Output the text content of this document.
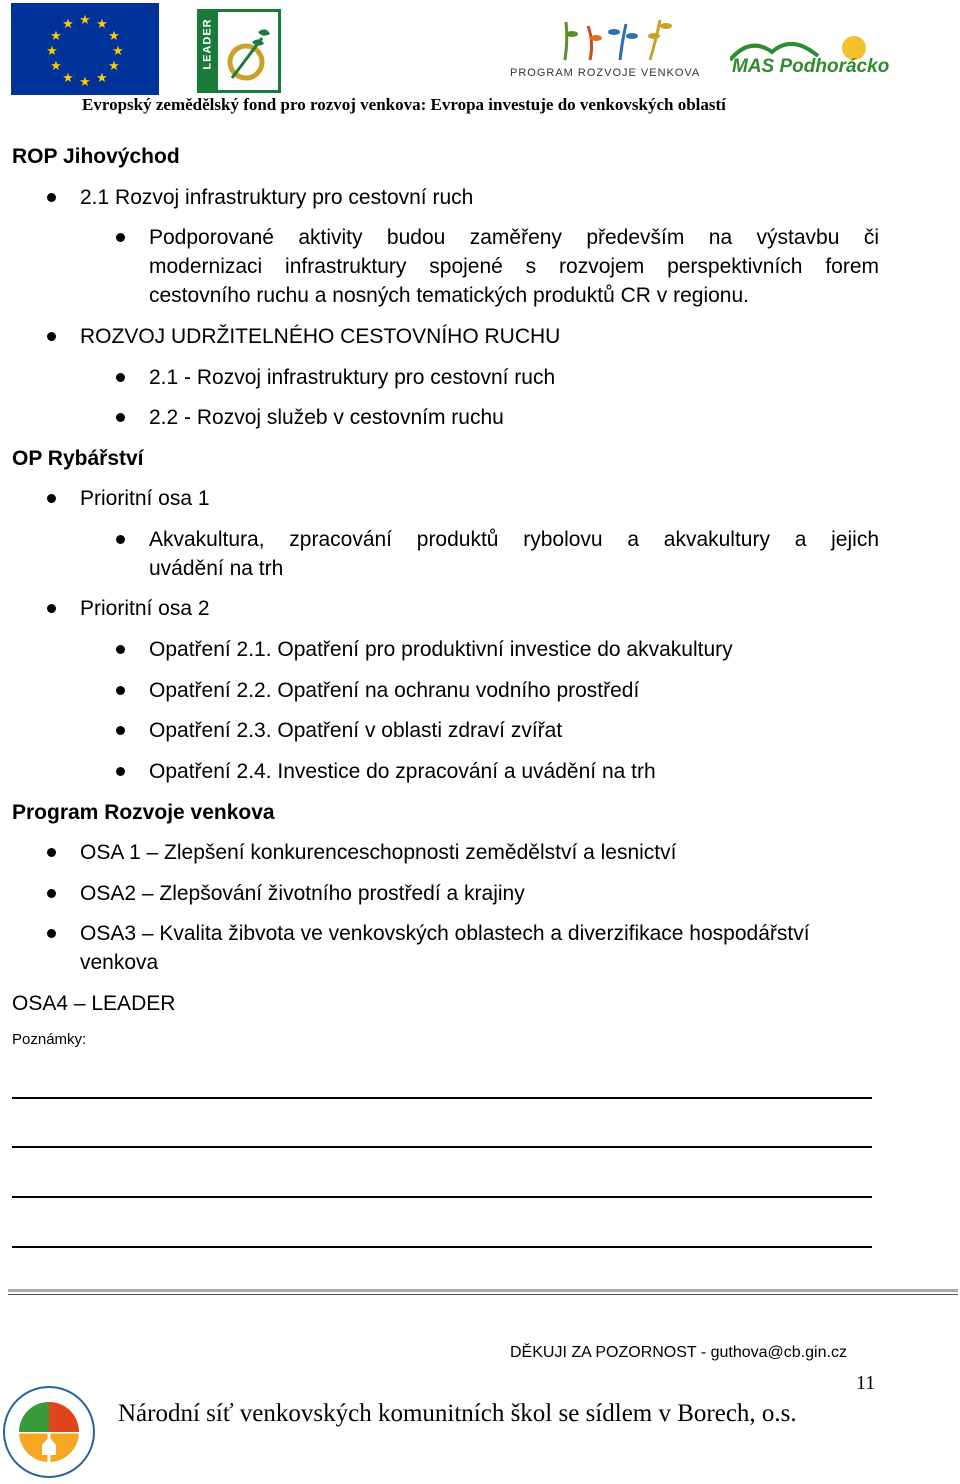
★ ★
★
★
★
★
★
★
★
★
★
★	LEADER
PROGRAM ROZVOJE VENKOVA MAS Podhorácko
Evropský zemědělský fond pro rozvoj venkova: Evropa investuje do venkovských oblastí
ROP Jihovýchod
2.1 Rozvoj infrastruktury pro cestovní ruch
Podporované aktivity budou zaměřeny především na výstavbu či
modernizaci infrastruktury spojené s rozvojem perspektivních forem
cestovního ruchu a nosných tematických produktů CR v regionu.
ROZVOJ UDRŽITELNÉHO CESTOVNÍHO RUCHU
2.1 - Rozvoj infrastruktury pro cestovní ruch
2.2 - Rozvoj služeb v cestovním ruchu
OP Rybářství
Prioritní osa 1
Akvakultura, zpracování produktů rybolovu a akvakultury a jejich
uvádění na trh
Prioritní osa 2
Opatření 2.1. Opatření pro produktivní investice do akvakultury
Opatření 2.2. Opatření na ochranu vodního prostředí
Opatření 2.3. Opatření v oblasti zdraví zvířat
Opatření 2.4. Investice do zpracování a uvádění na trh
Program Rozvoje venkova
OSA 1 – Zlepšení konkurenceschopnosti zemědělství a lesnictví
OSA2 – Zlepšování životního prostředí a krajiny
OSA3 – Kvalita žibvota ve venkovských oblastech a diverzifikace hospodářství
venkova
OSA4 – LEADER
Poznámky:
DĚKUJI ZA POZORNOST - guthova@cb.gin.cz
11
Národní síť venkovských komunitních škol se sídlem v Borech, o.s.
